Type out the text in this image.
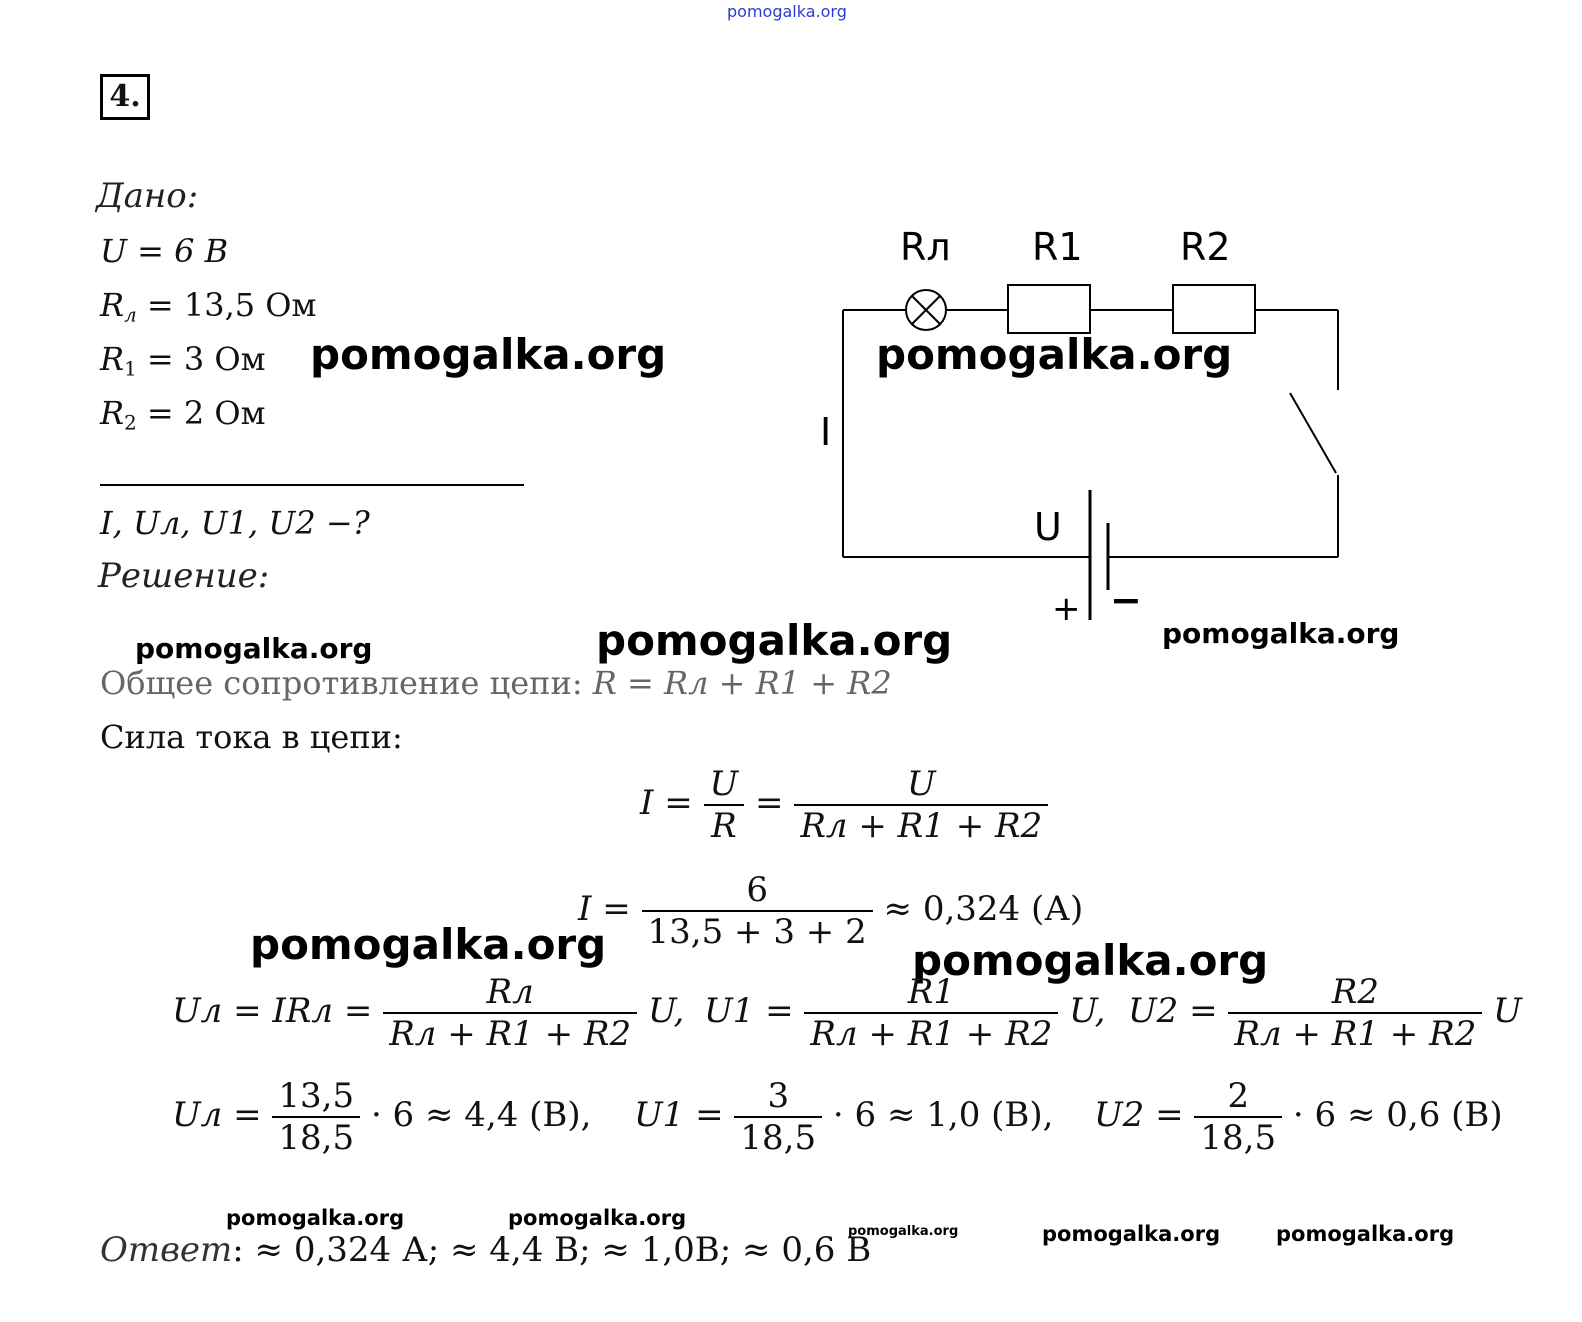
pomogalka.org
4.
Дано:
U = 6 В
Rл = 13,5 Ом
$R_1 = 3$ Ом
$R_2 = 2$ Ом
I, Uл, U1, U2 −?
Решение:
Rл R1	R2
I
U
+ −
pomogalka.org	pomogalka.org
pomogalka.org	pomogalka.org	pomogalka.org
pomogalka.org	pomogalka.org
pomogalka.org	pomogalka.org
pomogalka.org	pomogalka.org	pomogalka.org
Общее сопротивление цепи: R = Rл + R1 + R2
Сила тока в цепи:
$I = \frac{U}{R} = \frac{U}{Rл + R1 + R2}$
$I = \frac{6}{13,5 + 3 + 2} \approx 0,324$ (А)
Uл = IRл = $\frac{Rл}{Rл + R1 + R2} U$, $U1 = \frac{R1}{Rл + R1 + R2} U$, $U2 = \frac{R2}{Rл + R1 + R2}$ U
Uл = $\frac{13,5}{18,5} \cdot 6 \approx 4,4$ (В), $U1 = \frac{3}{18,5} \cdot 6 \approx 1,0$ (В), $U2 = \frac{2}{18,5} \cdot 6 \approx 0,6$ (В)
Ответ: ≈ 0,324 А; ≈ 4,4 В; ≈ 1,0В; ≈ 0,6 В
